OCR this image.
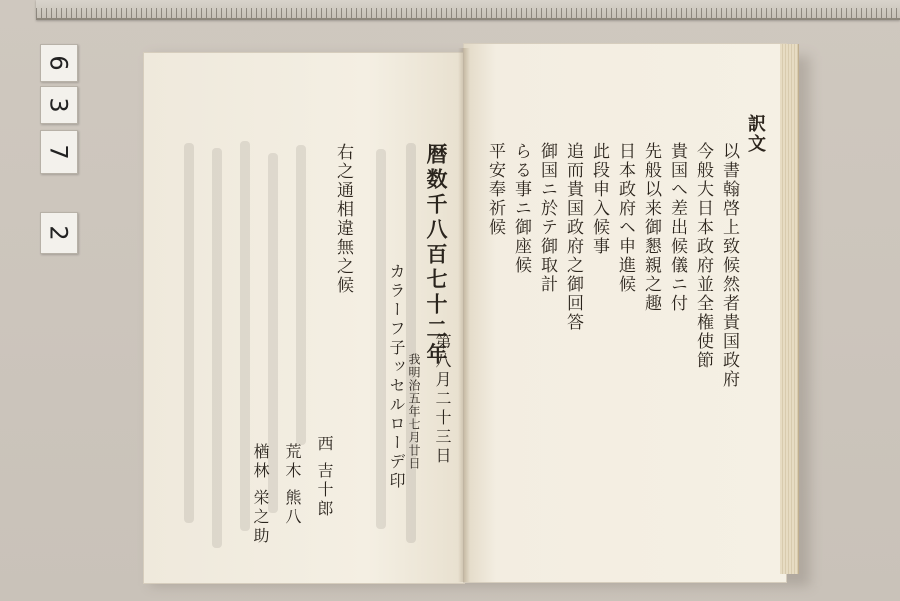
6
3
7
2	暦数千八百七十二年
第八月二十三日
我明治五年七月廿日
カラーフ子ッセルローデ印
右之通相違無之候
西 吉十郎
荒木 熊八
楢林 栄之助
訳文
以書翰啓上致候然者貴国政府
今般大日本政府並全権使節
貴国へ差出候儀ニ付
先般以来御懇親之趣
日本政府ヘ申進候
此段申入候事
追而貴国政府之御回答
御国ニ於テ御取計
らる事ニ御座候
平安奉祈候
